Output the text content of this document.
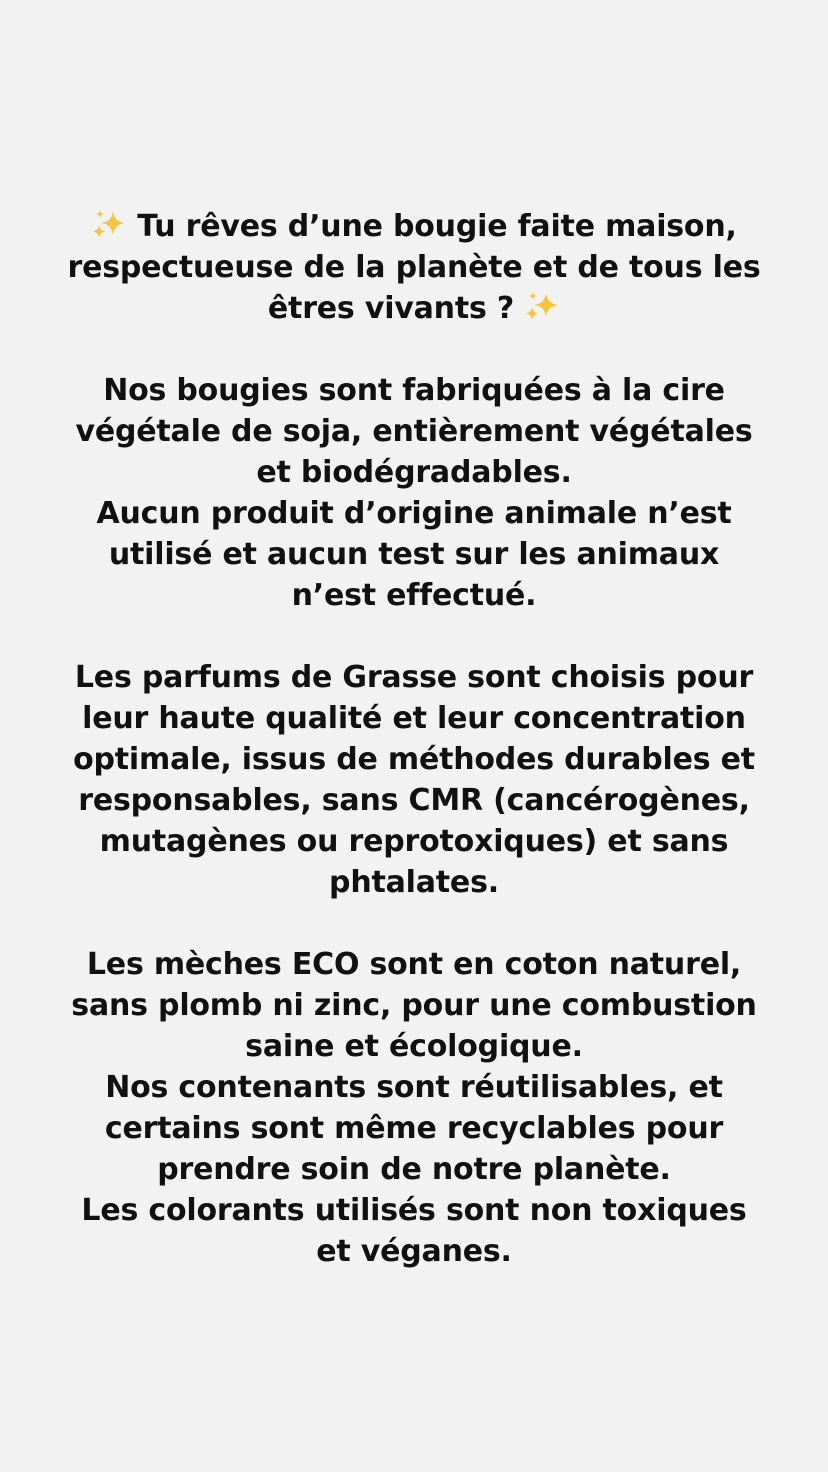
Tu rêves d’une bougie faite maison,
respectueuse de la planète et de tous les
êtres vivants ?

Nos bougies sont fabriquées à la cire
végétale de soja, entièrement végétales
et biodégradables.
Aucun produit d’origine animale n’est
utilisé et aucun test sur les animaux
n’est effectué.

Les parfums de Grasse sont choisis pour
leur haute qualité et leur concentration
optimale, issus de méthodes durables et
responsables, sans CMR (cancérogènes,
mutagènes ou reprotoxiques) et sans
phtalates.

Les mèches ECO sont en coton naturel,
sans plomb ni zinc, pour une combustion
saine et écologique.
Nos contenants sont réutilisables, et
certains sont même recyclables pour
prendre soin de notre planète.
Les colorants utilisés sont non toxiques
et véganes.
